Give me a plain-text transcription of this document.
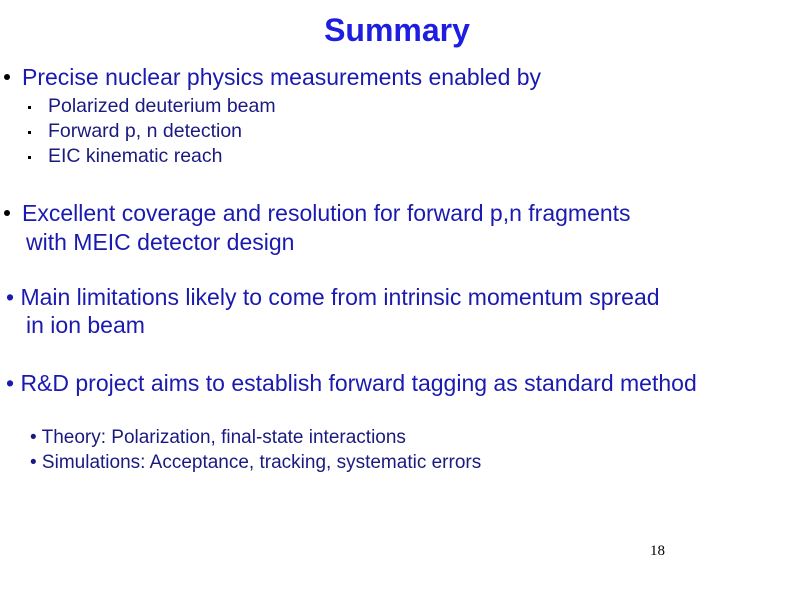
Summary
Precise nuclear physics measurements enabled by
Polarized deuterium beam
Forward p, n detection
EIC kinematic reach
Excellent coverage and resolution for forward p,n fragments
with MEIC detector design
• Main limitations likely to come from intrinsic momentum spread
in ion beam
• R&D project aims to establish forward tagging as standard method
• Theory: Polarization, final-state interactions
• Simulations: Acceptance, tracking, systematic errors
18
